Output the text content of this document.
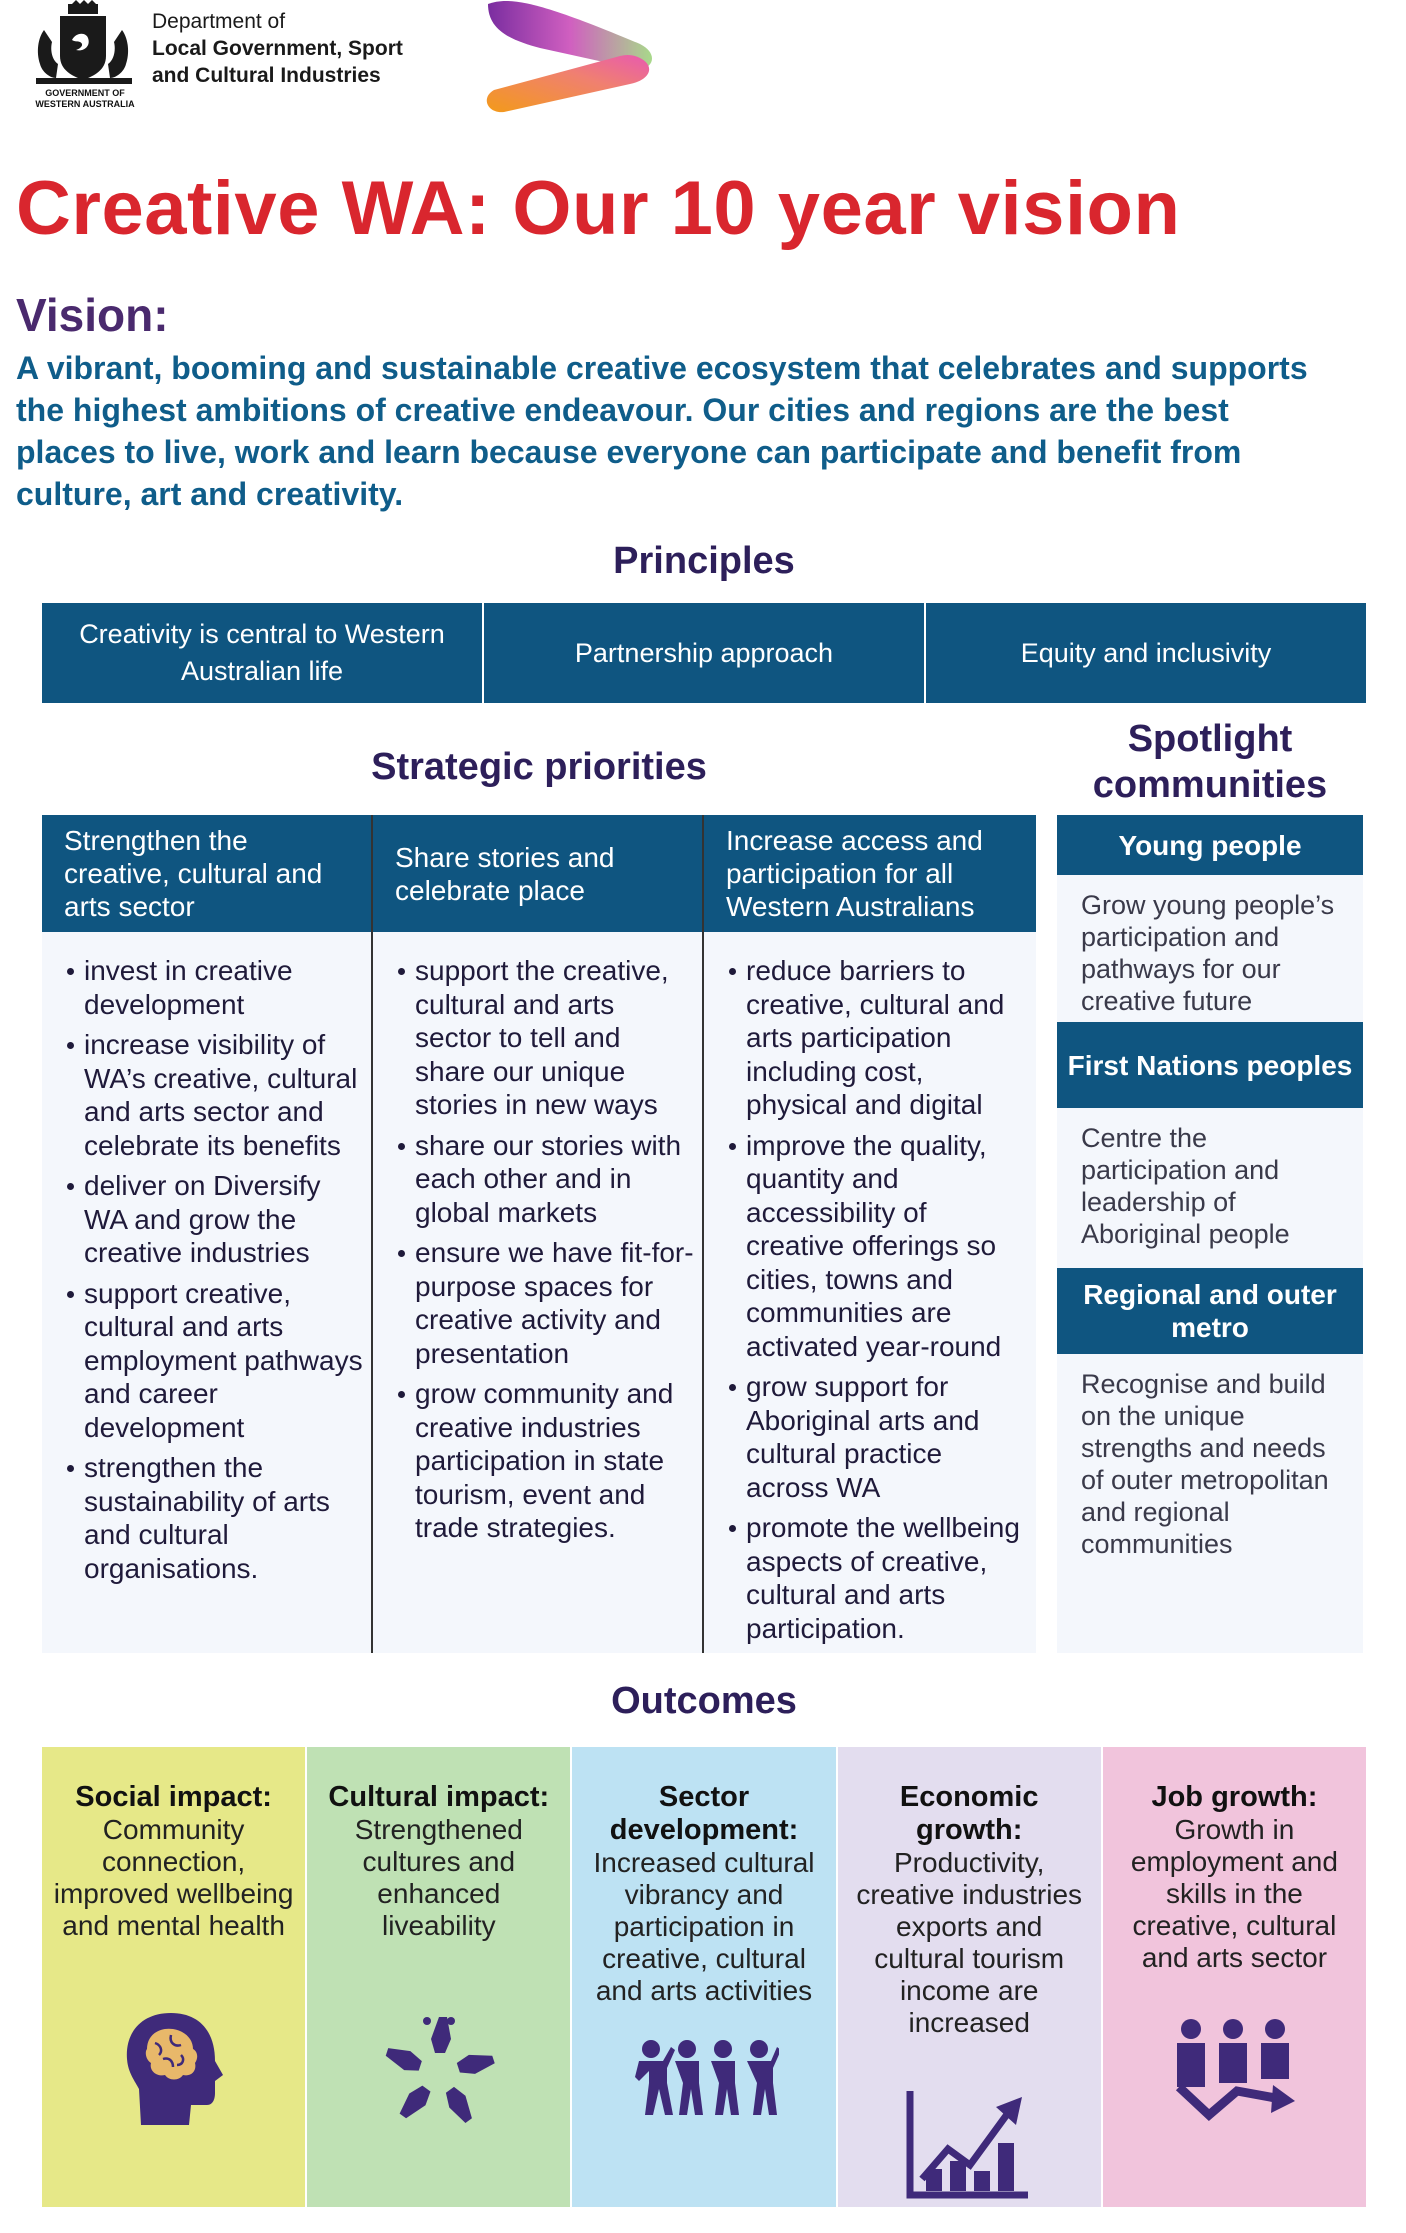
GOVERNMENT OF
WESTERN AUSTRALIA
Department of
Local Government, Sport
and Cultural Industries
Creative WA: Our 10 year vision
Vision:
A vibrant, booming and sustainable creative ecosystem that celebrates and supports the highest ambitions of creative endeavour. Our cities and regions are the best places to live, work and learn because everyone can participate and benefit from culture, art and creativity.
Principles
Creativity is central to Western Australian life
Partnership approach	Equity and inclusivity
Strategic priorities
Strengthen the creative, cultural and arts sector
invest in creative development
increase visibility of WA’s creative, cultural and arts sector and celebrate its benefits
deliver on Diversify WA and grow the creative industries
support creative, cultural and arts employment pathways and career development
strengthen the sustainability of arts and cultural organisations.
Share stories and celebrate place
support the creative, cultural and arts sector to tell and share our unique stories in new ways
share our stories with each other and in global markets
ensure we have fit-for-purpose spaces for creative activity and presentation
grow community and creative industries participation in state tourism, event and trade strategies.
Increase access and participation for all Western Australians
reduce barriers to creative, cultural and arts participation including cost, physical and digital
improve the quality, quantity and accessibility of creative offerings so cities, towns and communities are activated year-round
grow support for Aboriginal arts and cultural practice across WA
promote the wellbeing aspects of creative, cultural and arts participation.
Spotlight communities
Young people
Grow young people’s participation and pathways for our creative future
First Nations peoples
Centre the participation and leadership of Aboriginal people
Regional and outer metro
Recognise and build on the unique strengths and needs of outer metropolitan and regional communities
Outcomes
Social impact:
Community connection, improved wellbeing and mental health
Cultural impact:
Strengthened cultures and enhanced liveability
Sector development:
Increased cultural vibrancy and participation in creative, cultural and arts activities
Economic growth:
Productivity, creative industries exports and cultural tourism income are increased
Job growth:
Growth in employment and skills in the creative, cultural and arts sector
